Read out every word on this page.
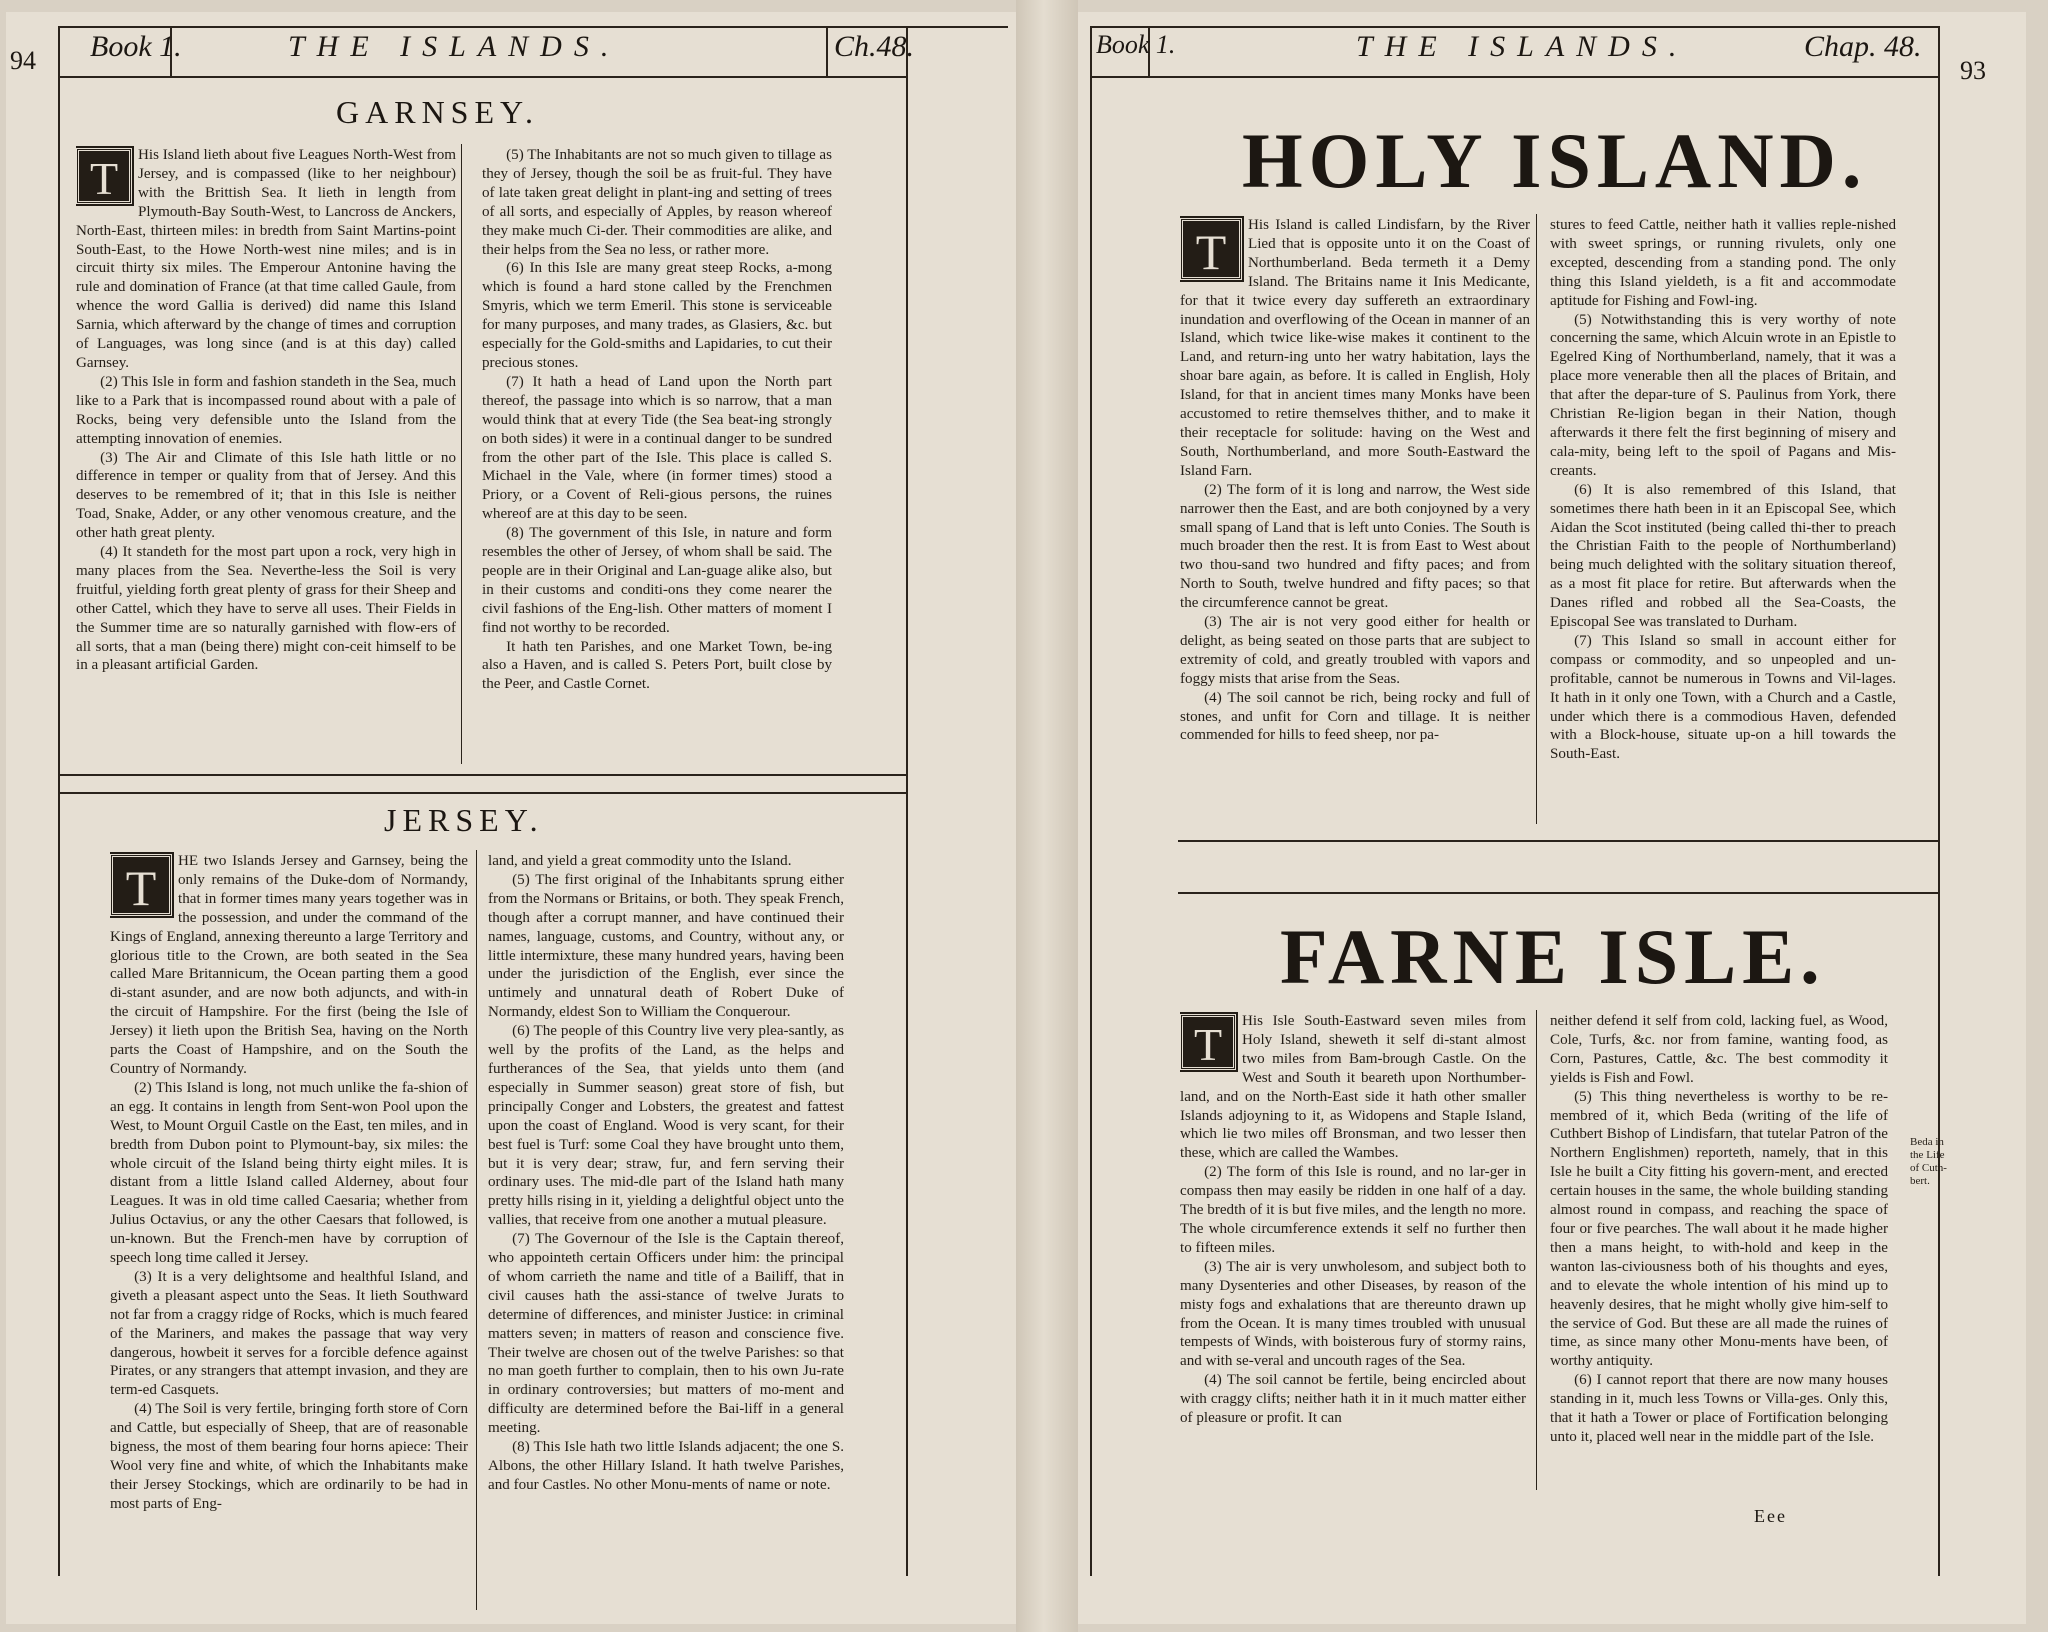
94 Book 1.	THE ISLANDS.	Ch.48.
GARNSEY.
T	His Island lieth about five Leagues North-West from Jersey, and is compassed (like to her neighbour) with the Brittish Sea. It lieth in length from Plymouth-Bay South-West, to Lancross de Anckers, North-East, thirteen miles: in bredth from Saint Martins-point South-East, to the Howe North-west nine miles; and is in circuit thirty six miles. The Emperour Antonine having the rule and domination of France (at that time called Gaule, from whence the word Gallia is derived) did name this Island Sarnia, which afterward by the change of times and corruption of Languages, was long since (and is at this day) called Garnsey.

(2) This Isle in form and fashion standeth in the Sea, much like to a Park that is incompassed round about with a pale of Rocks, being very defensible unto the Island from the attempting innovation of enemies.

(3) The Air and Climate of this Isle hath little or no difference in temper or quality from that of Jersey. And this deserves to be remembred of it; that in this Isle is neither Toad, Snake, Adder, or any other venomous creature, and the other hath great plenty.

(4) It standeth for the most part upon a rock, very high in many places from the Sea. Neverthe-less the Soil is very fruitful, yielding forth great plenty of grass for their Sheep and other Cattel, which they have to serve all uses. Their Fields in the Summer time are so naturally garnished with flow-ers of all sorts, that a man (being there) might con-ceit himself to be in a pleasant artificial Garden.

(5) The Inhabitants are not so much given to tillage as they of Jersey, though the soil be as fruit-ful. They have of late taken great delight in plant-ing and setting of trees of all sorts, and especially of Apples, by reason whereof they make much Ci-der. Their commodities are alike, and their helps from the Sea no less, or rather more.

(6) In this Isle are many great steep Rocks, a-mong which is found a hard stone called by the Frenchmen Smyris, which we term Emeril. This stone is serviceable for many purposes, and many trades, as Glasiers, &c. but especially for the Gold-smiths and Lapidaries, to cut their precious stones.

(7) It hath a head of Land upon the North part thereof, the passage into which is so narrow, that a man would think that at every Tide (the Sea beat-ing strongly on both sides) it were in a continual danger to be sundred from the other part of the Isle. This place is called S. Michael in the Vale, where (in former times) stood a Priory, or a Covent of Reli-gious persons, the ruines whereof are at this day to be seen.

(8) The government of this Isle, in nature and form resembles the other of Jersey, of whom shall be said. The people are in their Original and Lan-guage alike also, but in their customs and conditi-ons they come nearer the civil fashions of the Eng-lish. Other matters of moment I find not worthy to be recorded.

It hath ten Parishes, and one Market Town, be-ing also a Haven, and is called S. Peters Port, built close by the Peer, and Castle Cornet.

JERSEY.
T	HE two Islands Jersey and Garnsey, being the only remains of the Duke-dom of Normandy, that in former times many years together was in the possession, and under the command of the Kings of England, annexing thereunto a large Territory and glorious title to the Crown, are both seated in the Sea called Mare Britannicum, the Ocean parting them a good di-stant asunder, and are now both adjuncts, and with-in the circuit of Hampshire. For the first (being the Isle of Jersey) it lieth upon the British Sea, having on the North parts the Coast of Hampshire, and on the South the Country of Normandy.

(2) This Island is long, not much unlike the fa-shion of an egg. It contains in length from Sent-won Pool upon the West, to Mount Orguil Castle on the East, ten miles, and in bredth from Dubon point to Plymount-bay, six miles: the whole circuit of the Island being thirty eight miles. It is distant from a little Island called Alderney, about four Leagues. It was in old time called Caesaria; whether from Julius Octavius, or any the other Caesars that followed, is un-known. But the French-men have by corruption of speech long time called it Jersey.

(3) It is a very delightsome and healthful Island, and giveth a pleasant aspect unto the Seas. It lieth Southward not far from a craggy ridge of Rocks, which is much feared of the Mariners, and makes the passage that way very dangerous, howbeit it serves for a forcible defence against Pirates, or any strangers that attempt invasion, and they are term-ed Casquets.

(4) The Soil is very fertile, bringing forth store of Corn and Cattle, but especially of Sheep, that are of reasonable bigness, the most of them bearing four horns apiece: Their Wool very fine and white, of which the Inhabitants make their Jersey Stockings, which are ordinarily to be had in most parts of Eng-

land, and yield a great commodity unto the Island.

(5) The first original of the Inhabitants sprung either from the Normans or Britains, or both. They speak French, though after a corrupt manner, and have continued their names, language, customs, and Country, without any, or little intermixture, these many hundred years, having been under the jurisdiction of the English, ever since the untimely and unnatural death of Robert Duke of Normandy, eldest Son to William the Conquerour.

(6) The people of this Country live very plea-santly, as well by the profits of the Land, as the helps and furtherances of the Sea, that yields unto them (and especially in Summer season) great store of fish, but principally Conger and Lobsters, the greatest and fattest upon the coast of England. Wood is very scant, for their best fuel is Turf: some Coal they have brought unto them, but it is very dear; straw, fur, and fern serving their ordinary uses. The mid-dle part of the Island hath many pretty hills rising in it, yielding a delightful object unto the vallies, that receive from one another a mutual pleasure.

(7) The Governour of the Isle is the Captain thereof, who appointeth certain Officers under him: the principal of whom carrieth the name and title of a Bailiff, that in civil causes hath the assi-stance of twelve Jurats to determine of differences, and minister Justice: in criminal matters seven; in matters of reason and conscience five. Their twelve are chosen out of the twelve Parishes: so that no man goeth further to complain, then to his own Ju-rate in ordinary controversies; but matters of mo-ment and difficulty are determined before the Bai-liff in a general meeting.

(8) This Isle hath two little Islands adjacent; the one S. Albons, the other Hillary Island. It hath twelve Parishes, and four Castles. No other Monu-ments of name or note.

Book 1.	THE ISLANDS.	Chap. 48.
93
HOLY ISLAND.
T	His Island is called Lindisfarn, by the River Lied that is opposite unto it on the Coast of Northumberland. Beda termeth it a Demy Island. The Britains name it Inis Medicante, for that it twice every day suffereth an extraordinary inundation and overflowing of the Ocean in manner of an Island, which twice like-wise makes it continent to the Land, and return-ing unto her watry habitation, lays the shoar bare again, as before. It is called in English, Holy Island, for that in ancient times many Monks have been accustomed to retire themselves thither, and to make it their receptacle for solitude: having on the West and South, Northumberland, and more South-Eastward the Island Farn.

(2) The form of it is long and narrow, the West side narrower then the East, and are both conjoyned by a very small spang of Land that is left unto Conies. The South is much broader then the rest. It is from East to West about two thou-sand two hundred and fifty paces; and from North to South, twelve hundred and fifty paces; so that the circumference cannot be great.

(3) The air is not very good either for health or delight, as being seated on those parts that are subject to extremity of cold, and greatly troubled with vapors and foggy mists that arise from the Seas.

(4) The soil cannot be rich, being rocky and full of stones, and unfit for Corn and tillage. It is neither commended for hills to feed sheep, nor pa-

stures to feed Cattle, neither hath it vallies reple-nished with sweet springs, or running rivulets, only one excepted, descending from a standing pond. The only thing this Island yieldeth, is a fit and accommodate aptitude for Fishing and Fowl-ing.

(5) Notwithstanding this is very worthy of note concerning the same, which Alcuin wrote in an Epistle to Egelred King of Northumberland, namely, that it was a place more venerable then all the places of Britain, and that after the depar-ture of S. Paulinus from York, there Christian Re-ligion began in their Nation, though afterwards it there felt the first beginning of misery and cala-mity, being left to the spoil of Pagans and Mis-creants.

(6) It is also remembred of this Island, that sometimes there hath been in it an Episcopal See, which Aidan the Scot instituted (being called thi-ther to preach the Christian Faith to the people of Northumberland) being much delighted with the solitary situation thereof, as a most fit place for retire. But afterwards when the Danes rifled and robbed all the Sea-Coasts, the Episcopal See was translated to Durham.

(7) This Island so small in account either for compass or commodity, and so unpeopled and un-profitable, cannot be numerous in Towns and Vil-lages. It hath in it only one Town, with a Church and a Castle, under which there is a commodious Haven, defended with a Block-house, situate up-on a hill towards the South-East.

FARNE ISLE.
T	His Isle South-Eastward seven miles from Holy Island, sheweth it self di-stant almost two miles from Bam-brough Castle. On the West and South it beareth upon Northumber-land, and on the North-East side it hath other smaller Islands adjoyning to it, as Widopens and Staple Island, which lie two miles off Bronsman, and two lesser then these, which are called the Wambes.

(2) The form of this Isle is round, and no lar-ger in compass then may easily be ridden in one half of a day. The bredth of it is but five miles, and the length no more. The whole circumference extends it self no further then to fifteen miles.

(3) The air is very unwholesom, and subject both to many Dysenteries and other Diseases, by reason of the misty fogs and exhalations that are thereunto drawn up from the Ocean. It is many times troubled with unusual tempests of Winds, with boisterous fury of stormy rains, and with se-veral and uncouth rages of the Sea.

(4) The soil cannot be fertile, being encircled about with craggy clifts; neither hath it in it much matter either of pleasure or profit. It can

neither defend it self from cold, lacking fuel, as Wood, Cole, Turfs, &c. nor from famine, wanting food, as Corn, Pastures, Cattle, &c. The best commodity it yields is Fish and Fowl.

(5) This thing nevertheless is worthy to be re-membred of it, which Beda (writing of the life of Cuthbert Bishop of Lindisfarn, that tutelar Patron of the Northern Englishmen) reporteth, namely, that in this Isle he built a City fitting his govern-ment, and erected certain houses in the same, the whole building standing almost round in compass, and reaching the space of four or five pearches. The wall about it he made higher then a mans height, to with-hold and keep in the wanton las-civiousness both of his thoughts and eyes, and to elevate the whole intention of his mind up to heavenly desires, that he might wholly give him-self to the service of God. But these are all made the ruines of time, as since many other Monu-ments have been, of worthy antiquity.

(6) I cannot report that there are now many houses standing in it, much less Towns or Villa-ges. Only this, that it hath a Tower or place of Fortification belonging unto it, placed well near in the middle part of the Isle.

Beda in the Life of Cuth-bert.
Eee
